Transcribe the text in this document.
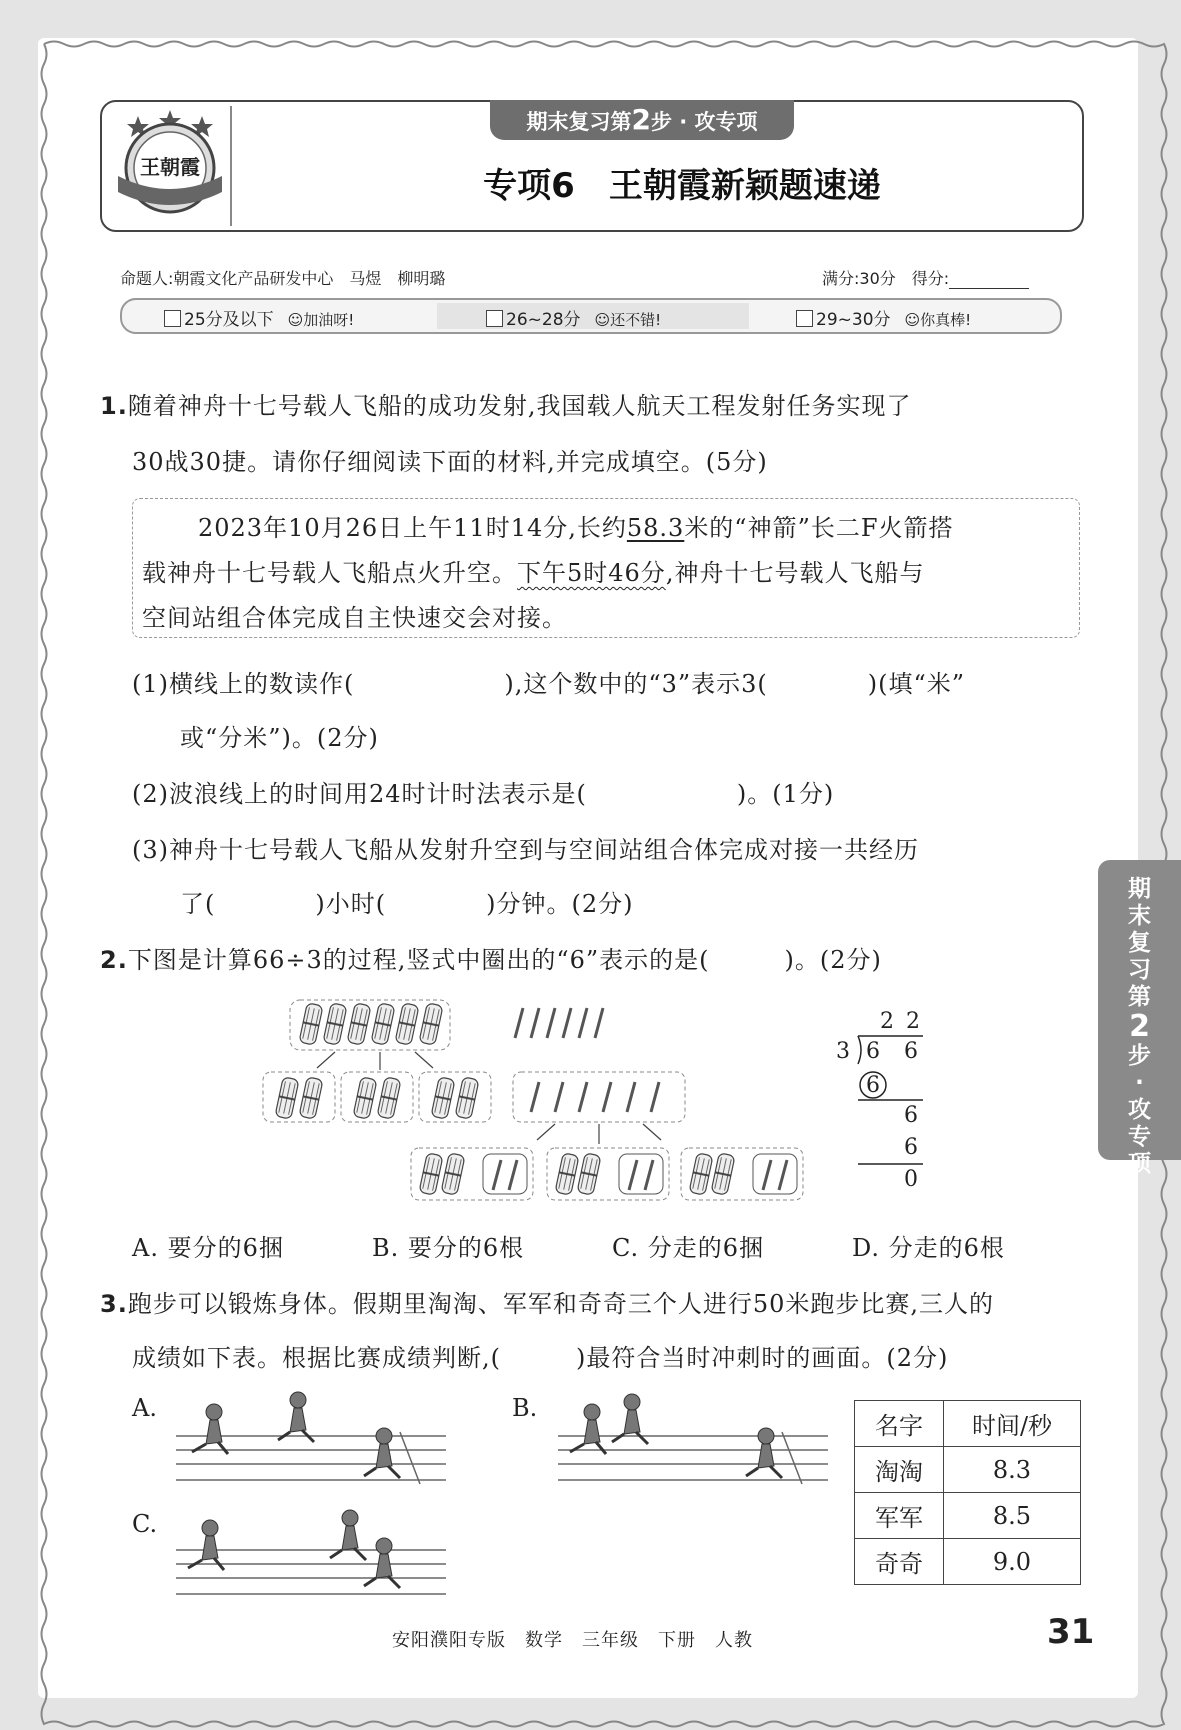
期末复习第2步 · 攻专项
专项6　王朝霞新颖题速递
王朝霞
命题人:朝霞文化产品研发中心　马煜　柳明璐	满分:30分　 得分:
25分及以下 ☺加油呀!	26~28分 ☺还不错!	29~30分 ☺你真棒!
1.随着神舟十七号载人飞船的成功发射,我国载人航天工程发射任务实现了
30战30捷。请你仔细阅读下面的材料,并完成填空。(5分)
2023年10月26日上午11时14分,长约58.3米的“神箭”长二F火箭搭
载神舟十七号载人飞船点火升空。下午5时46分,神舟十七号载人飞船与
空间站组合体完成自主快速交会对接。
(1)横线上的数读作(　　　　　　),这个数中的“3”表示3(　　　　)(填“米”
或“分米”)。(2分)
(2)波浪线上的时间用24时计时法表示是(　　　　　　)。(1分)
(3)神舟十七号载人飞船从发射升空到与空间站组合体完成对接一共经历
了(　　　　)小时(　　　　)分钟。(2分)
2.下图是计算66÷3的过程,竖式中圈出的“6”表示的是(　　　)。(2分)
2 2
3 6 6
6
6
6
0
A. 要分的6捆	B. 要分的6根	C. 分走的6捆	D. 分走的6根
3.跑步可以锻炼身体。假期里淘淘、军军和奇奇三个人进行50米跑步比赛,三人的
成绩如下表。根据比赛成绩判断,(　　　)最符合当时冲刺时的画面。(2分)
A.	B.
C.
名字	时间/秒
淘淘	8.3
军军	8.5
奇奇	9.0
期
末
复
习
第
2
步
·
攻
专
项
安阳濮阳专版　数学　三年级　下册　人教	31
